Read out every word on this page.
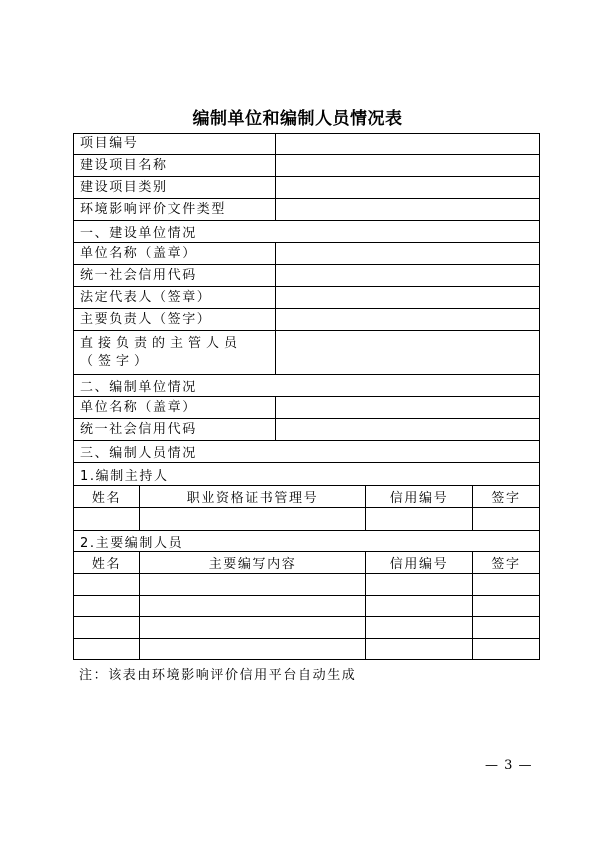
编制单位和编制人员情况表
项目编号
建设项目名称
建设项目类别
环境影响评价文件类型
一、建设单位情况
单位名称（盖章）
统一社会信用代码
法定代表人（签章）
主要负责人（签字）
直接负责的主管人员（签字）
二、编制单位情况
单位名称（盖章）
统一社会信用代码
三、编制人员情况
1.编制主持人
姓名	职业资格证书管理号	信用编号	签字
2.主要编制人员
姓名	主要编写内容	信用编号	签字
注：该表由环境影响评价信用平台自动生成
— 3 —
